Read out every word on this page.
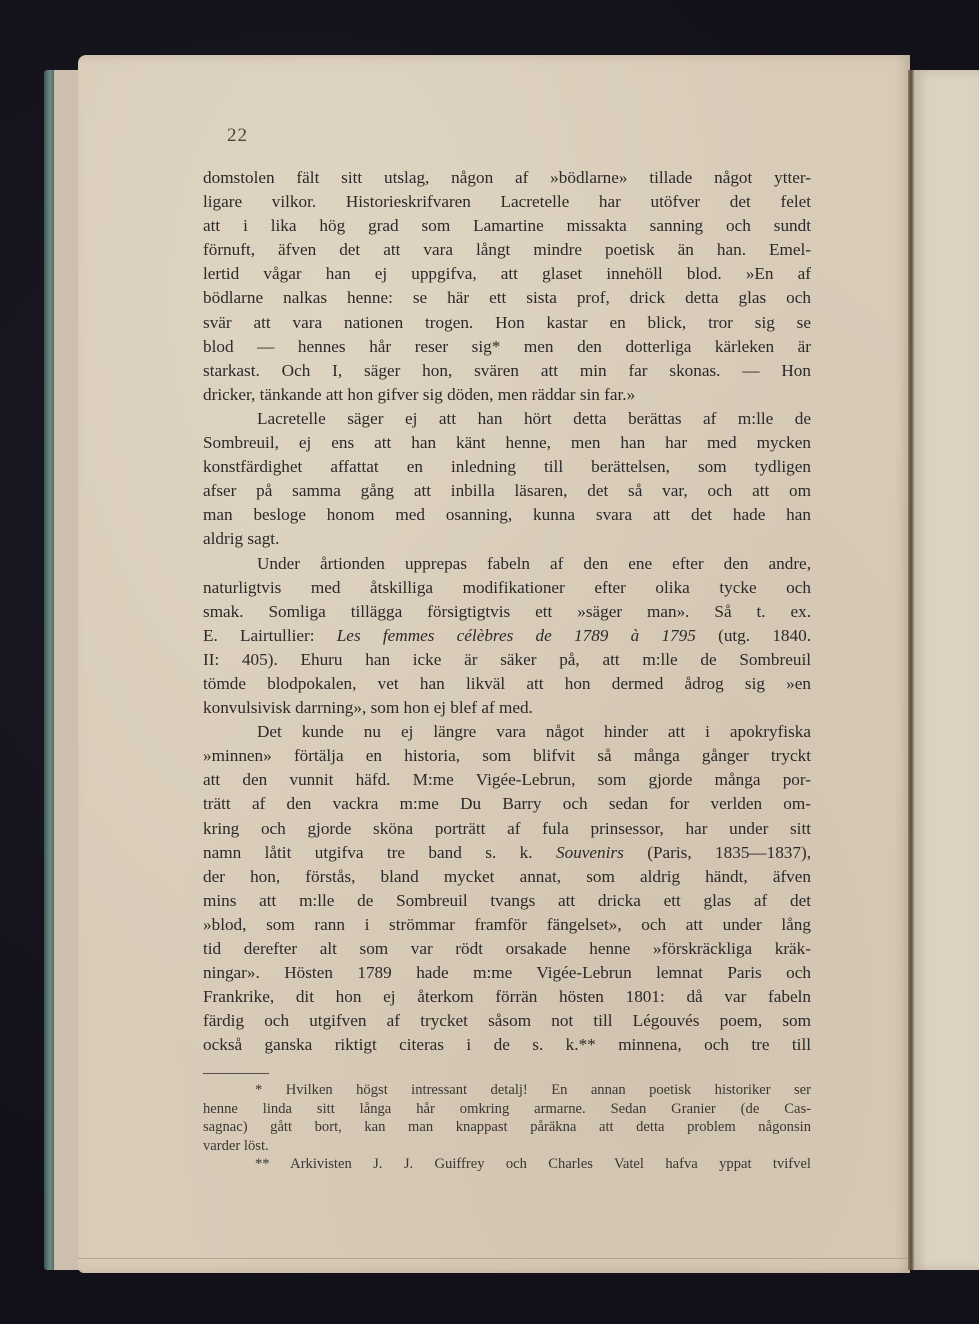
22
domstolen fält sitt utslag, någon af »bödlarne» tillade något ytter-
ligare vilkor. Historieskrifvaren Lacretelle har utöfver det felet
att i lika hög grad som Lamartine missakta sanning och sundt
förnuft, äfven det att vara långt mindre poetisk än han. Emel-
lertid vågar han ej uppgifva, att glaset innehöll blod. »En af
bödlarne nalkas henne: se här ett sista prof, drick detta glas och
svär att vara nationen trogen. Hon kastar en blick, tror sig se
blod — hennes hår reser sig* men den dotterliga kärleken är
starkast. Och I, säger hon, svären att min far skonas. — Hon
dricker, tänkande att hon gifver sig döden, men räddar sin far.»
Lacretelle säger ej att han hört detta berättas af m:lle de
Sombreuil, ej ens att han känt henne, men han har med mycken
konstfärdighet affattat en inledning till berättelsen, som tydligen
afser på samma gång att inbilla läsaren, det så var, och att om
man besloge honom med osanning, kunna svara att det hade han
aldrig sagt.
Under årtionden upprepas fabeln af den ene efter den andre,
naturligtvis med åtskilliga modifikationer efter olika tycke och
smak. Somliga tillägga försigtigtvis ett »säger man». Så t. ex.
E. Lairtullier: Les femmes célèbres de 1789 à 1795 (utg. 1840.
II: 405). Ehuru han icke är säker på, att m:lle de Sombreuil
tömde blodpokalen, vet han likväl att hon dermed ådrog sig »en
konvulsivisk darrning», som hon ej blef af med.
Det kunde nu ej längre vara något hinder att i apokryfiska
»minnen» förtälja en historia, som blifvit så många gånger tryckt
att den vunnit häfd. M:me Vigée-Lebrun, som gjorde många por-
trätt af den vackra m:me Du Barry och sedan for verlden om-
kring och gjorde sköna porträtt af fula prinsessor, har under sitt
namn låtit utgifva tre band s. k. Souvenirs (Paris, 1835—1837),
der hon, förstås, bland mycket annat, som aldrig händt, äfven
mins att m:lle de Sombreuil tvangs att dricka ett glas af det
»blod, som rann i strömmar framför fängelset», och att under lång
tid derefter alt som var rödt orsakade henne »förskräckliga kräk-
ningar». Hösten 1789 hade m:me Vigée-Lebrun lemnat Paris och
Frankrike, dit hon ej återkom förrän hösten 1801: då var fabeln
färdig och utgifven af trycket såsom not till Légouvés poem, som
också ganska riktigt citeras i de s. k.** minnena, och tre till
* Hvilken högst intressant detalj! En annan poetisk historiker ser
henne linda sitt långa hår omkring armarne. Sedan Granier (de Cas-
sagnac) gått bort, kan man knappast påräkna att detta problem någonsin
varder löst.
** Arkivisten J. J. Guiffrey och Charles Vatel hafva yppat tvifvel
